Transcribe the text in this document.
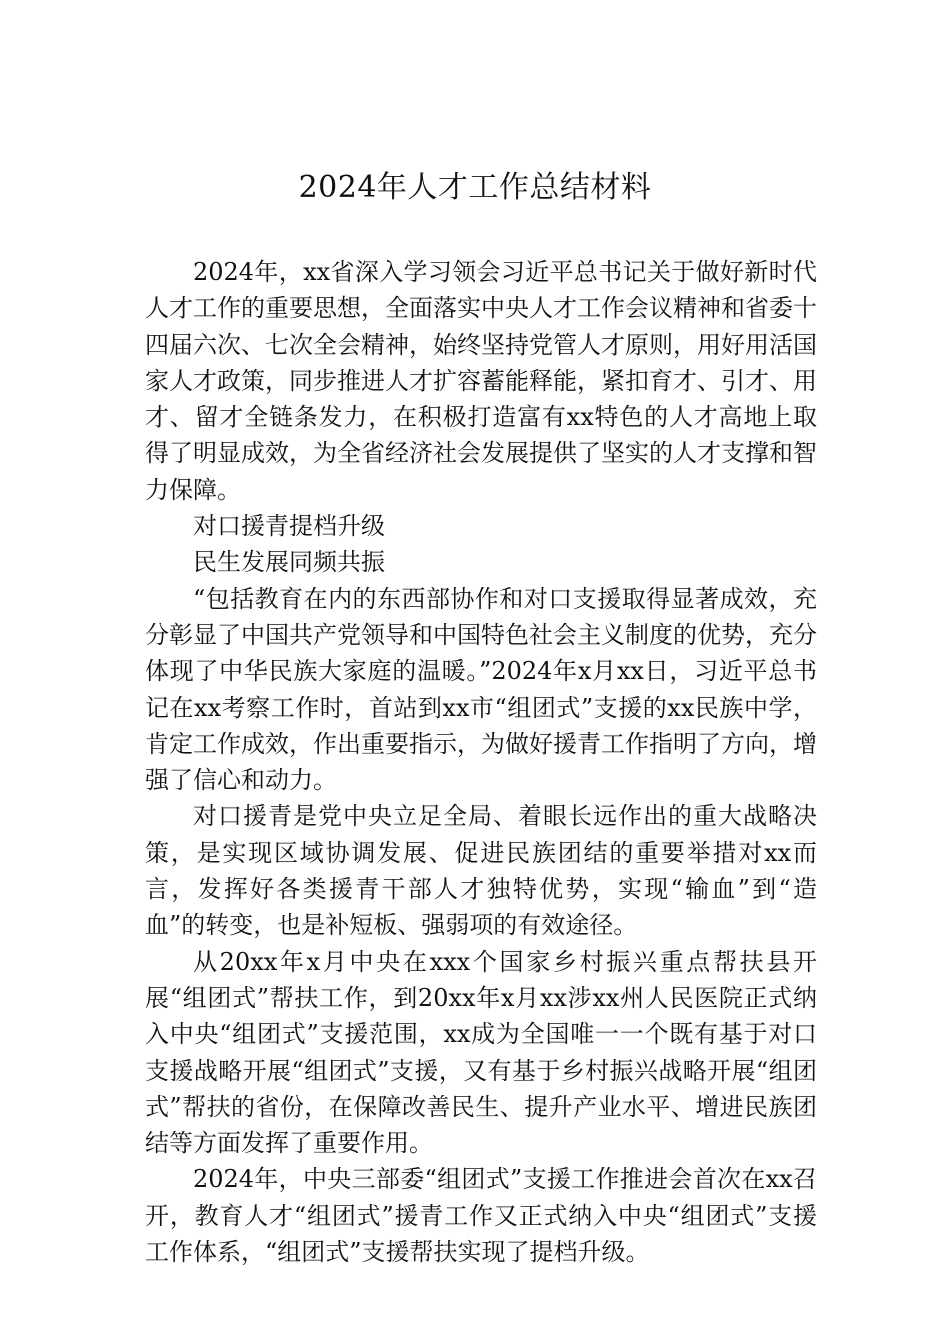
2024年人才工作总结材料

2024年，xx省深入学习领会习近平总书记关于做好新时代人才工作的重要思想，全面落实中央人才工作会议精神和省委十四届六次、七次全会精神，始终坚持党管人才原则，用好用活国家人才政策，同步推进人才扩容蓄能释能，紧扣育才、引才、用才、留才全链条发力，在积极打造富有xx特色的人才高地上取得了明显成效，为全省经济社会发展提供了坚实的人才支撑和智力保障。

对口援青提档升级

民生发展同频共振

“包括教育在内的东西部协作和对口支援取得显著成效，充分彰显了中国共产党领导和中国特色社会主义制度的优势，充分体现了中华民族大家庭的温暖。”2024年x月xx日，习近平总书记在xx考察工作时，首站到xx市“组团式”支援的xx民族中学，肯定工作成效，作出重要指示，为做好援青工作指明了方向，增强了信心和动力。

对口援青是党中央立足全局、着眼长远作出的重大战略决策，是实现区域协调发展、促进民族团结的重要举措对xx而言，发挥好各类援青干部人才独特优势，实现“输血”到“造血”的转变，也是补短板、强弱项的有效途径。

从20xx年x月中央在xxx个国家乡村振兴重点帮扶县开展“组团式”帮扶工作，到20xx年x月xx涉xx州人民医院正式纳入中央“组团式”支援范围，xx成为全国唯一一个既有基于对口支援战略开展“组团式”支援，又有基于乡村振兴战略开展“组团式”帮扶的省份，在保障改善民生、提升产业水平、增进民族团结等方面发挥了重要作用。

2024年，中央三部委“组团式”支援工作推进会首次在xx召开，教育人才“组团式”援青工作又正式纳入中央“组团式”支援工作体系，“组团式”支援帮扶实现了提档升级。
